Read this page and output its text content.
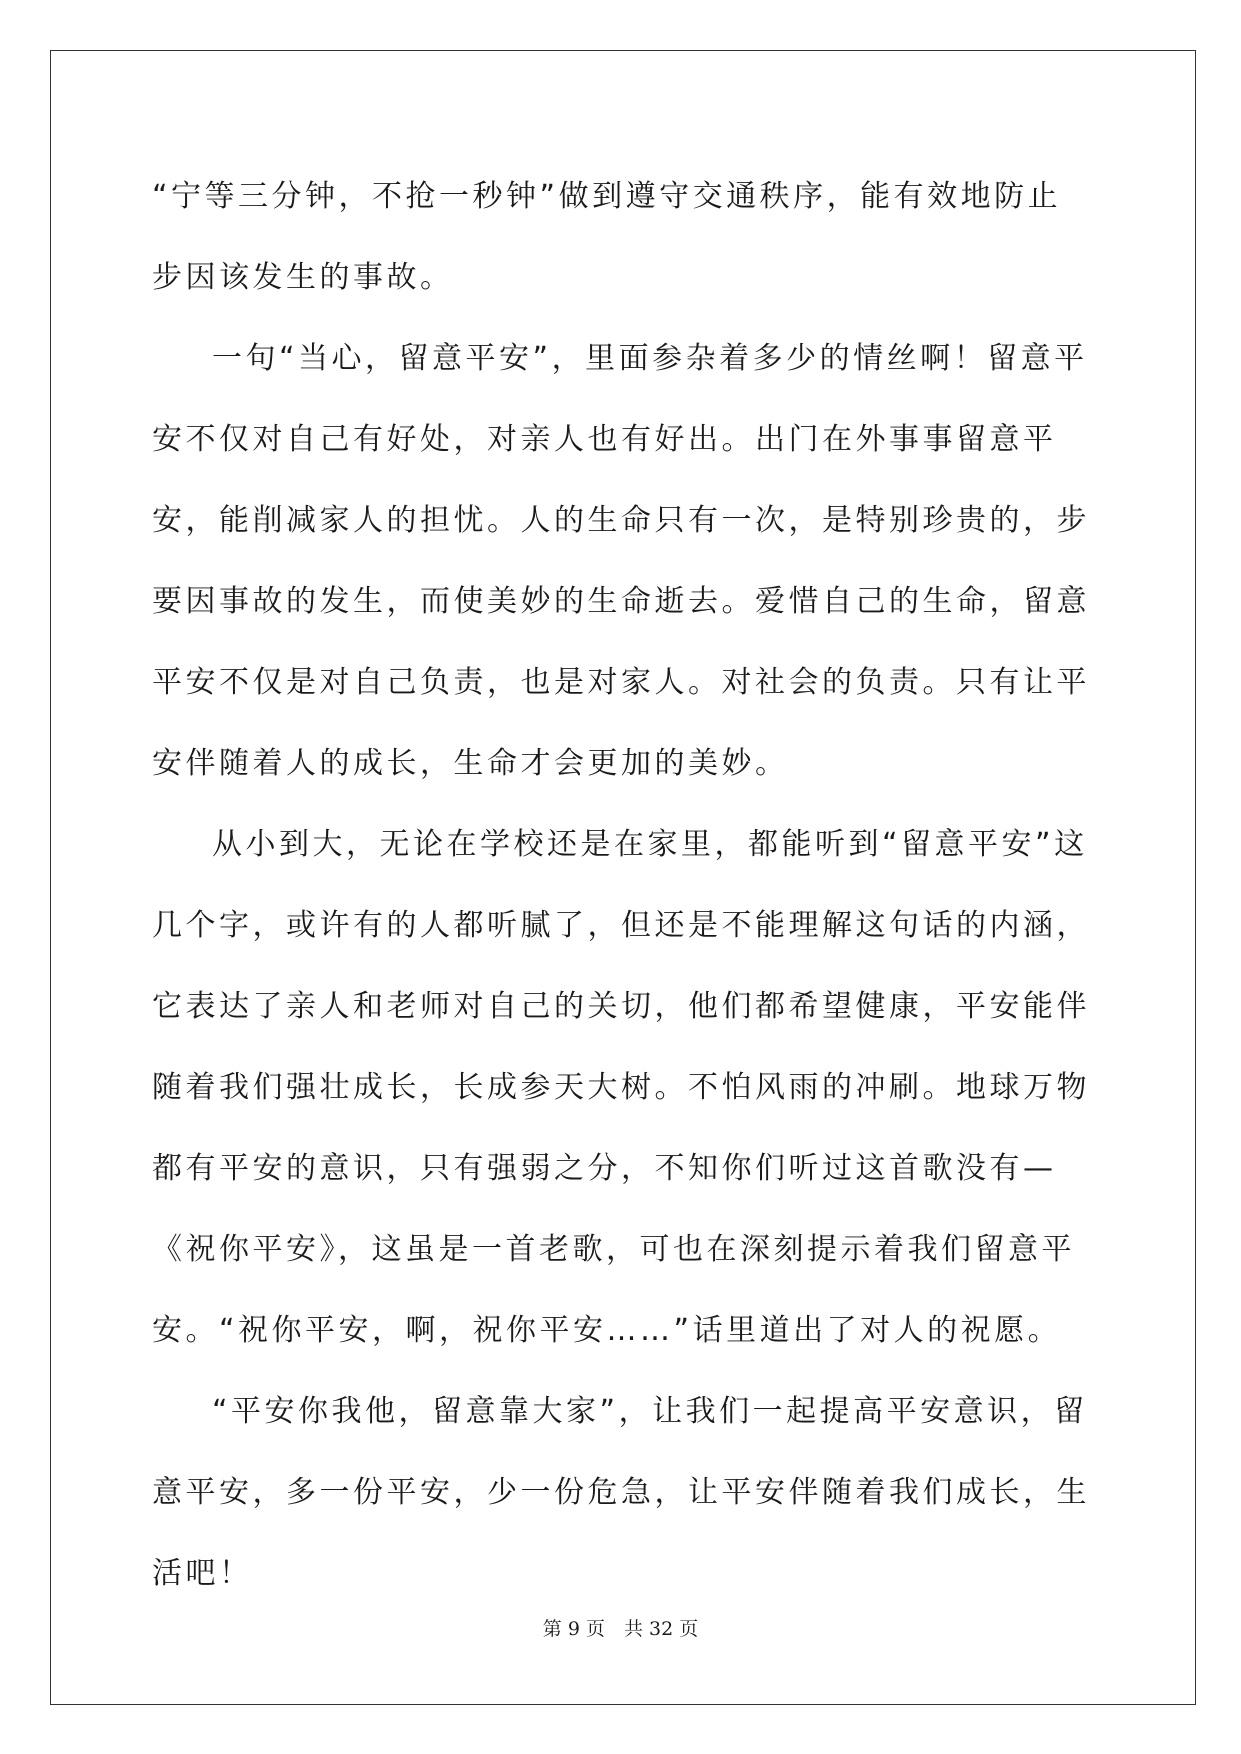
“宁等三分钟，不抢一秒钟”做到遵守交通秩序，能有效地防止步因该发生的事故。

一句“当心，留意平安”，里面参杂着多少的情丝啊！留意平安不仅对自己有好处，对亲人也有好出。出门在外事事留意平安，能削减家人的担忧。人的生命只有一次，是特别珍贵的，步要因事故的发生，而使美妙的生命逝去。爱惜自己的生命，留意平安不仅是对自己负责，也是对家人。对社会的负责。只有让平安伴随着人的成长，生命才会更加的美妙。

从小到大，无论在学校还是在家里，都能听到“留意平安”这几个字，或许有的人都听腻了，但还是不能理解这句话的内涵，它表达了亲人和老师对自己的关切，他们都希望健康，平安能伴随着我们强壮成长，长成参天大树。不怕风雨的冲刷。地球万物都有平安的意识，只有强弱之分，不知你们听过这首歌没有—《祝你平安》，这虽是一首老歌，可也在深刻提示着我们留意平安。“祝你平安，啊，祝你平安……”话里道出了对人的祝愿。

“平安你我他，留意靠大家”，让我们一起提高平安意识，留意平安，多一份平安，少一份危急，让平安伴随着我们成长，生活吧！

第 9 页　共 32 页
